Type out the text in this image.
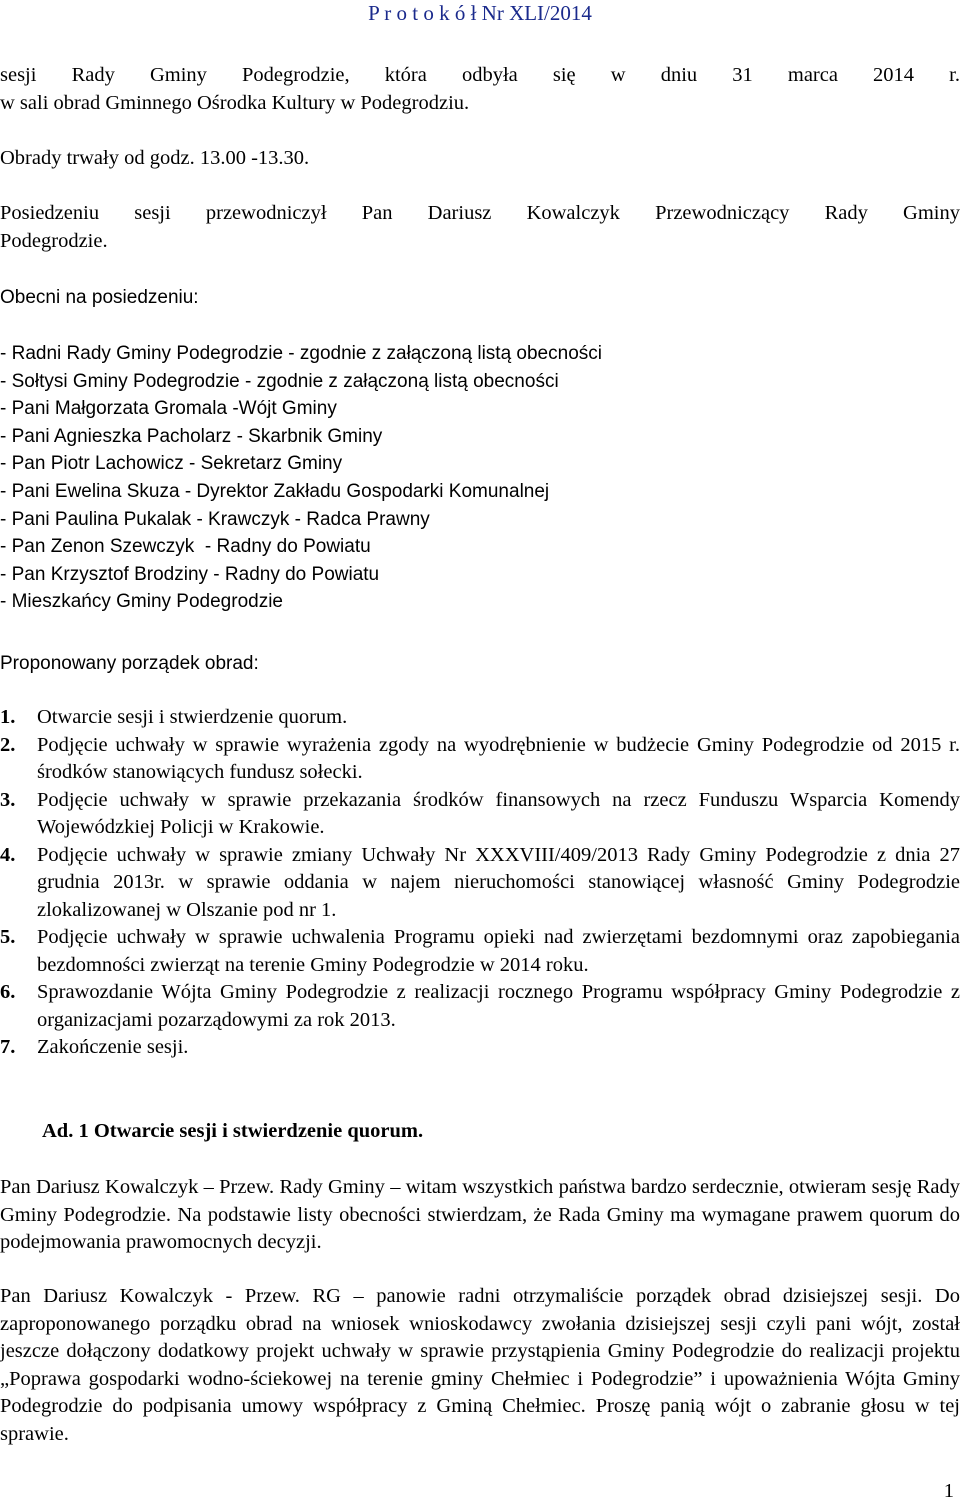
P r o t o k ó ł Nr XLI/2014
sesji Rady Gminy Podegrodzie, która odbyła się w dniu 31 marca 2014 r.
w sali obrad Gminnego Ośrodka Kultury w Podegrodziu.
Obrady trwały od godz. 13.00 -13.30.
Posiedzeniu sesji przewodniczył Pan Dariusz Kowalczyk Przewodniczący Rady Gminy
Podegrodzie.
Obecni na posiedzeniu:
- Radni Rady Gminy Podegrodzie - zgodnie z załączoną listą obecności
- Sołtysi Gminy Podegrodzie - zgodnie z załączoną listą obecności
- Pani Małgorzata Gromala -Wójt Gminy
- Pani Agnieszka Pacholarz - Skarbnik Gminy
- Pan Piotr Lachowicz - Sekretarz Gminy
- Pani Ewelina Skuza - Dyrektor Zakładu Gospodarki Komunalnej
- Pani Paulina Pukalak - Krawczyk - Radca Prawny
- Pan Zenon Szewczyk  - Radny do Powiatu
- Pan Krzysztof Brodziny - Radny do Powiatu
- Mieszkańcy Gminy Podegrodzie
Proponowany porządek obrad:
1. Otwarcie sesji i stwierdzenie quorum.
2. Podjęcie uchwały w sprawie wyrażenia zgody na wyodrębnienie w budżecie Gminy Podegrodzie od 2015 r. środków stanowiących fundusz sołecki.
3. Podjęcie uchwały w sprawie przekazania środków finansowych na rzecz Funduszu Wsparcia Komendy Wojewódzkiej Policji w Krakowie.
4. Podjęcie uchwały w sprawie zmiany Uchwały Nr XXXVIII/409/2013 Rady Gminy Podegrodzie z dnia 27 grudnia 2013r. w sprawie oddania w najem nieruchomości stanowiącej własność Gminy Podegrodzie zlokalizowanej w Olszanie pod nr 1.
5. Podjęcie uchwały w sprawie uchwalenia Programu opieki nad zwierzętami bezdomnymi oraz zapobiegania bezdomności zwierząt na terenie Gminy Podegrodzie w 2014 roku.
6. Sprawozdanie Wójta Gminy Podegrodzie z realizacji rocznego Programu współpracy Gminy Podegrodzie z organizacjami pozarządowymi za rok 2013.
7. Zakończenie sesji.
Ad. 1 Otwarcie sesji i stwierdzenie quorum.

Pan Dariusz Kowalczyk – Przew. Rady Gminy – witam wszystkich państwa bardzo serdecznie, otwieram sesję Rady Gminy Podegrodzie. Na podstawie listy obecności stwierdzam, że Rada Gminy ma wymagane prawem quorum do podejmowania prawomocnych decyzji.

Pan Dariusz Kowalczyk - Przew. RG – panowie radni otrzymaliście porządek obrad dzisiejszej sesji. Do zaproponowanego porządku obrad na wniosek wnioskodawcy zwołania dzisiejszej sesji czyli pani wójt, został jeszcze dołączony dodatkowy projekt uchwały w sprawie przystąpienia Gminy Podegrodzie do realizacji projektu „Poprawa gospodarki wodno-ściekowej na terenie gminy Chełmiec i Podegrodzie” i upoważnienia Wójta Gminy Podegrodzie do podpisania umowy współpracy z Gminą Chełmiec. Proszę panią wójt o zabranie głosu w tej sprawie.

1
